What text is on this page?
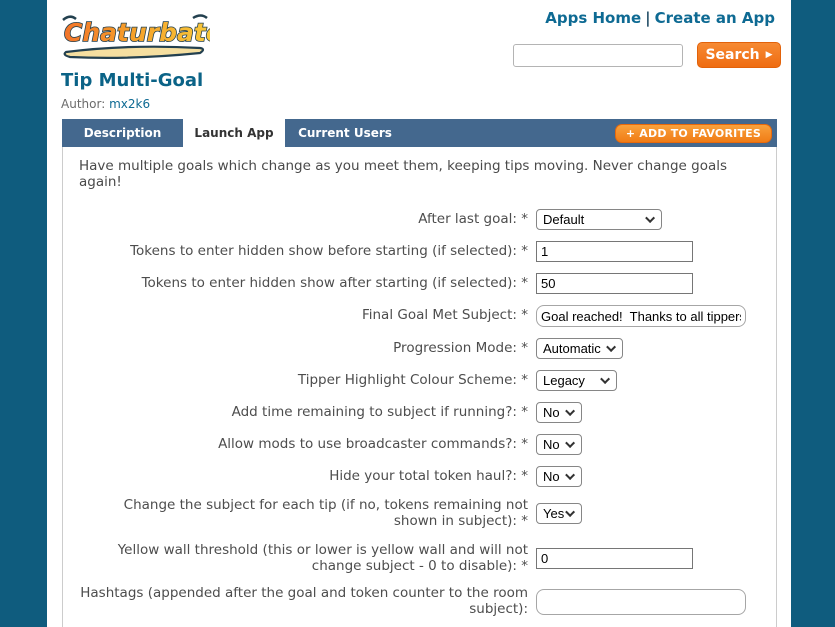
Chaturbate	Apps Home | Create an App
Search ▶
Tip Multi-Goal
Author: mx2k6
Description	Launch App	Current Users	+ ADD TO FAVORITES
Have multiple goals which change as you meet them, keeping tips moving. Never change goals again!
After last goal: * Default
Tokens to enter hidden show before starting (if selected): *
1
Tokens to enter hidden show after starting (if selected): *
50
Final Goal Met Subject: *
Goal reached! Thanks to all tippers!
Progression Mode: * Automatic
Tipper Highlight Colour Scheme: * Legacy
Add time remaining to subject if running?: * No
Allow mods to use broadcaster commands?: * No
Hide your total token haul?: * No
Change the subject for each tip (if no, tokens remaining not shown in subject): * Yes
Yellow wall threshold (this or lower is yellow wall and will not change subject - 0 to disable): *
0
Hashtags (appended after the goal and token counter to the room subject):
